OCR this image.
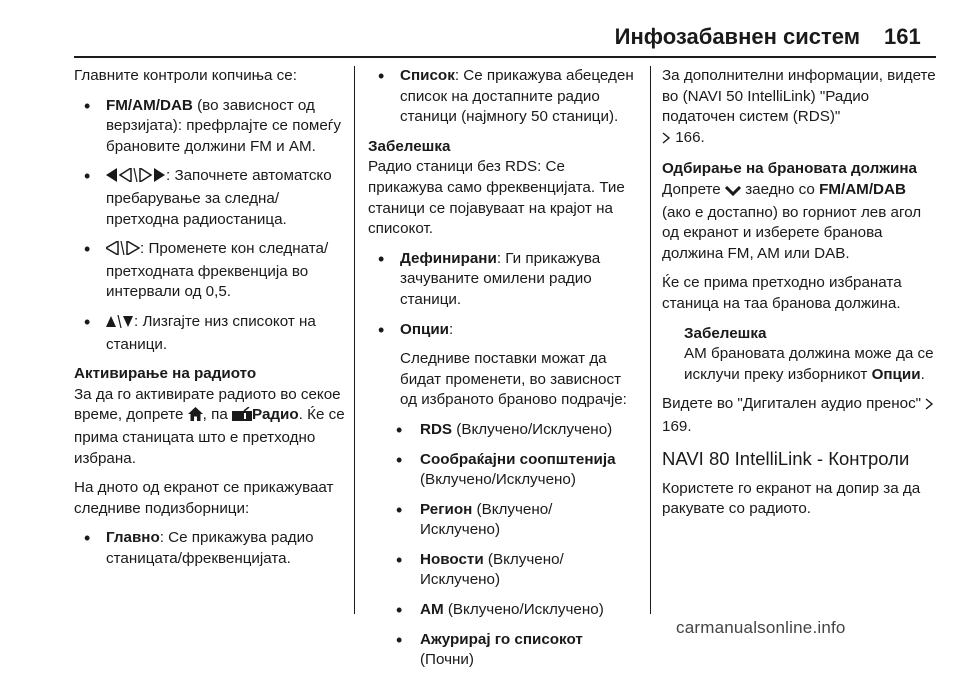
Инфозабавнен систем 161

Главните контроли копчиња се:

• FM/AM/DAB (во зависност од верзијата): префрлајте се помеѓу брановите должини FM и AM.
• : Започнете автоматско пребарување за следна/претходна радиостаница.
• : Променете кон следната/претходната фреквенција во интервали од 0,5.
• : Лизгајте низ списокот на станици.

Активирање на радиото

За да го активирате радиото во секое време, допрете , па Радио. Ќе се прима станицата што е претходно избрана.

На дното од екранот се прикажуваат следниве подизборници:

• Главно: Се прикажува радио станицата/фреквенцијата.
• Список: Се прикажува абецеден список на достапните радио станици (најмногу 50 станици).

Забелешка

Радио станици без RDS: Се прикажува само фреквенцијата. Тие станици се појавуваат на крајот на списокот.

• Дефинирани: Ги прикажува зачуваните омилени радио станици.
• Опции:

Следниве поставки можат да бидат променети, во зависност од избраното брановo подрачје:

• RDS (Вклучено/Исклучено)
• Сообраќајни соопштенија (Вклучено/Исклучено)
• Регион (Вклучено/ Исклучено)
• Новости (Вклучено/ Исклучено)
• AM (Вклучено/Исклучено)
• Ажурирај го списокот (Почни)

За дополнителни информации, видете во (NAVI 50 IntelliLink) "Радио податочен систем (RDS)"
166.

Одбирање на брановата должина

Допрете  заедно со FM/AM/DAB (ако е достапно) во горниот лев агол од екранот и изберете бранова должина FM, AM или DAB.

Ќе се прима претходно избраната станица на таа бранова должина.

Забелешка

AM брановата должина може да се исклучи преку изборникот Опции.

Видете во "Дигитален аудио пренос" 169.

NAVI 80 IntelliLink - Контроли

Користете го екранот на допир за да ракувате со радиото.

carmanualsonline.info
